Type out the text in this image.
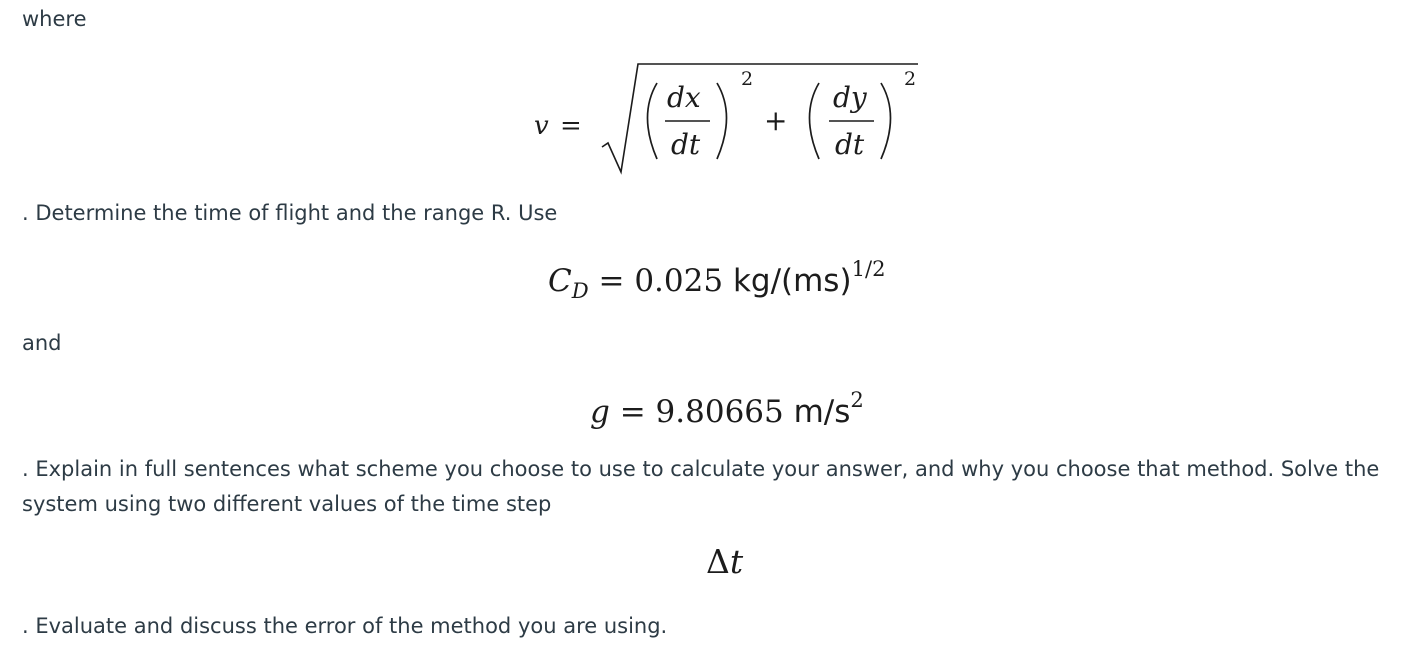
where
v =
dx
dt
2
+
dy
dt
2
. Determine the time of flight and the range R. Use
$C_D = 0.025$ kg/(ms)$^{1/2}$
and
g = 9.80665 $m/s^2$
. Explain in full sentences what scheme you choose to use to calculate your answer, and why you choose that method. Solve the system using two different values of the time step
Δt
. Evaluate and discuss the error of the method you are using.
